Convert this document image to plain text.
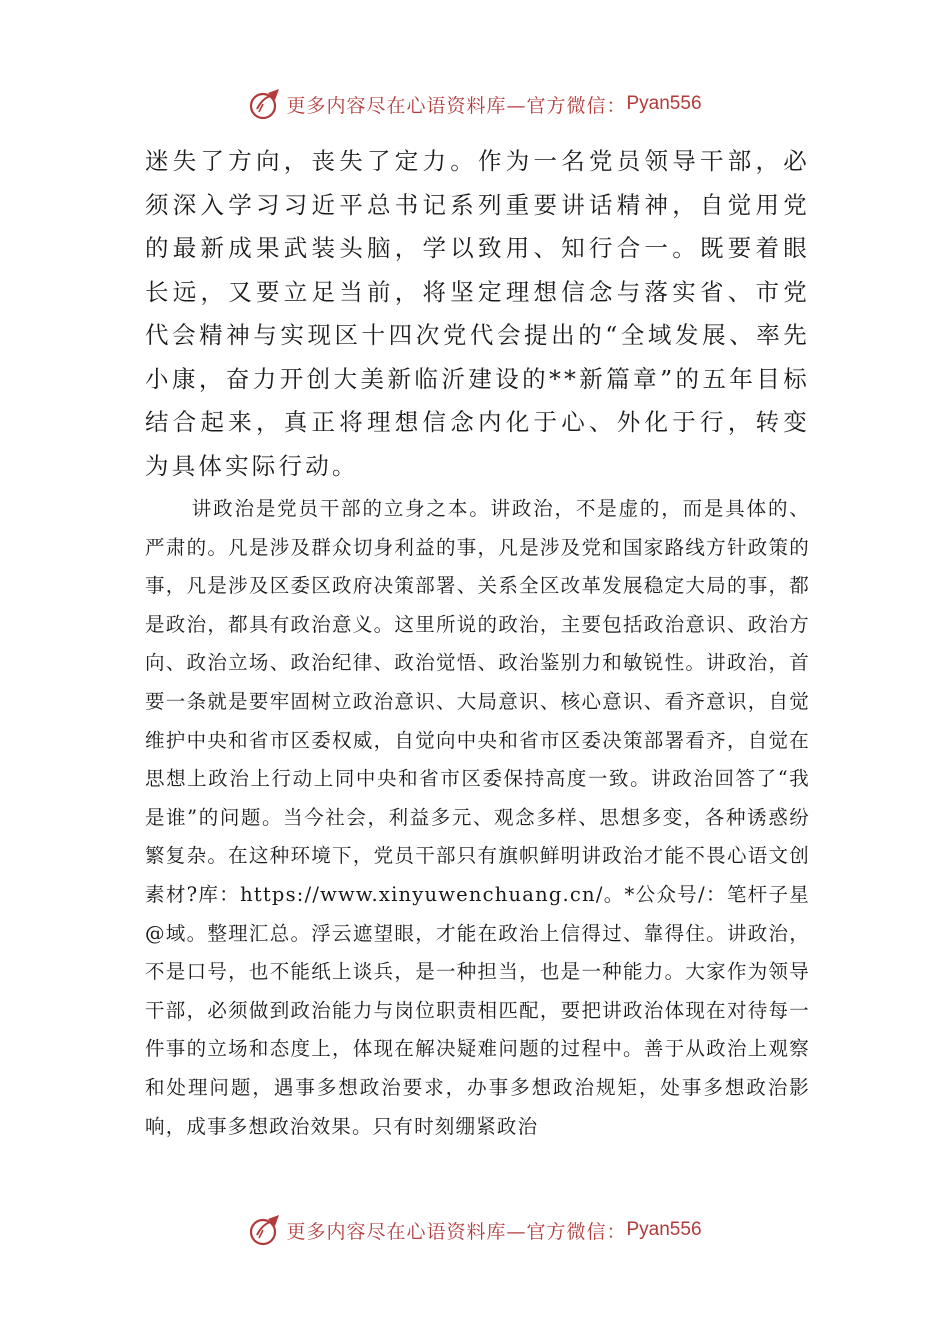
更多内容尽在心语资料库—官方微信： Pyan556

迷失了方向，丧失了定力。作为一名党员领导干部，必须深入学习习近平总书记系列重要讲话精神，自觉用党的最新成果武装头脑，学以致用、知行合一。既要着眼长远，又要立足当前，将坚定理想信念与落实省、市党代会精神与实现区十四次党代会提出的“全域发展、率先小康，奋力开创大美新临沂建设的**新篇章”的五年目标结合起来，真正将理想信念内化于心、外化于行，转变为具体实际行动。

讲政治是党员干部的立身之本。讲政治，不是虚的，而是具体的、严肃的。凡是涉及群众切身利益的事，凡是涉及党和国家路线方针政策的事，凡是涉及区委区政府决策部署、关系全区改革发展稳定大局的事，都是政治，都具有政治意义。这里所说的政治，主要包括政治意识、政治方向、政治立场、政治纪律、政治觉悟、政治鉴别力和敏锐性。讲政治，首要一条就是要牢固树立政治意识、大局意识、核心意识、看齐意识，自觉维护中央和省市区委权威，自觉向中央和省市区委决策部署看齐，自觉在思想上政治上行动上同中央和省市区委保持高度一致。讲政治回答了“我是谁”的问题。当今社会，利益多元、观念多样、思想多变，各种诱惑纷繁复杂。在这种环境下，党员干部只有旗帜鲜明讲政治才能不畏心语文创素材?库：https://www.xinyuwenchuang.cn/。*公众号/：笔杆子星@域。整理汇总。浮云遮望眼，才能在政治上信得过、靠得住。讲政治，不是口号，也不能纸上谈兵，是一种担当，也是一种能力。大家作为领导干部，必须做到政治能力与岗位职责相匹配，要把讲政治体现在对待每一件事的立场和态度上，体现在解决疑难问题的过程中。善于从政治上观察和处理问题，遇事多想政治要求，办事多想政治规矩，处事多想政治影响，成事多想政治效果。只有时刻绷紧政治

更多内容尽在心语资料库—官方微信： Pyan556
